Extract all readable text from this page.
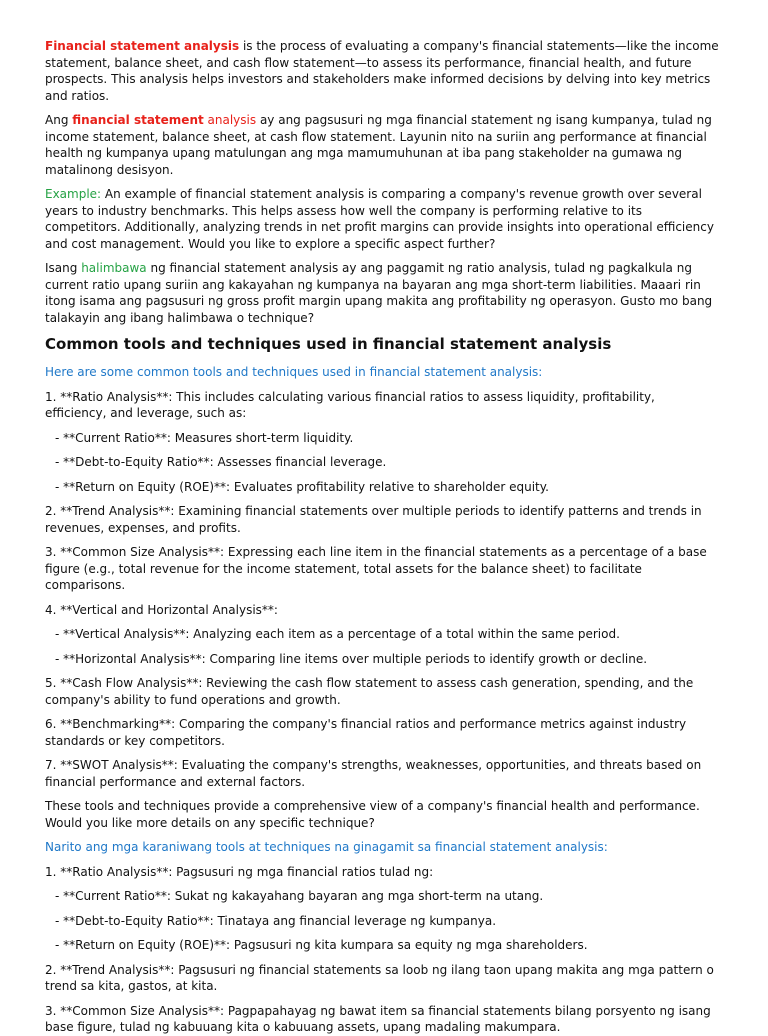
Financial statement analysis is the process of evaluating a company's financial statements—like the income statement, balance sheet, and cash flow statement—to assess its performance, financial health, and future prospects. This analysis helps investors and stakeholders make informed decisions by delving into key metrics and ratios.

Ang financial statement analysis ay ang pagsusuri ng mga financial statement ng isang kumpanya, tulad ng income statement, balance sheet, at cash flow statement. Layunin nito na suriin ang performance at financial health ng kumpanya upang matulungan ang mga mamumuhunan at iba pang stakeholder na gumawa ng matalinong desisyon.

Example: An example of financial statement analysis is comparing a company's revenue growth over several years to industry benchmarks. This helps assess how well the company is performing relative to its competitors. Additionally, analyzing trends in net profit margins can provide insights into operational efficiency and cost management. Would you like to explore a specific aspect further?

Isang halimbawa ng financial statement analysis ay ang paggamit ng ratio analysis, tulad ng pagkalkula ng current ratio upang suriin ang kakayahan ng kumpanya na bayaran ang mga short-term liabilities. Maaari rin itong isama ang pagsusuri ng gross profit margin upang makita ang profitability ng operasyon. Gusto mo bang talakayin ang ibang halimbawa o technique?

Common tools and techniques used in financial statement analysis

Here are some common tools and techniques used in financial statement analysis:

1. **Ratio Analysis**: This includes calculating various financial ratios to assess liquidity, profitability, efficiency, and leverage, such as:

- **Current Ratio**: Measures short-term liquidity.

- **Debt-to-Equity Ratio**: Assesses financial leverage.

- **Return on Equity (ROE)**: Evaluates profitability relative to shareholder equity.

2. **Trend Analysis**: Examining financial statements over multiple periods to identify patterns and trends in revenues, expenses, and profits.

3. **Common Size Analysis**: Expressing each line item in the financial statements as a percentage of a base figure (e.g., total revenue for the income statement, total assets for the balance sheet) to facilitate comparisons.

4. **Vertical and Horizontal Analysis**:

- **Vertical Analysis**: Analyzing each item as a percentage of a total within the same period.

- **Horizontal Analysis**: Comparing line items over multiple periods to identify growth or decline.

5. **Cash Flow Analysis**: Reviewing the cash flow statement to assess cash generation, spending, and the company's ability to fund operations and growth.

6. **Benchmarking**: Comparing the company's financial ratios and performance metrics against industry standards or key competitors.

7. **SWOT Analysis**: Evaluating the company's strengths, weaknesses, opportunities, and threats based on financial performance and external factors.

These tools and techniques provide a comprehensive view of a company's financial health and performance. Would you like more details on any specific technique?

Narito ang mga karaniwang tools at techniques na ginagamit sa financial statement analysis:

1. **Ratio Analysis**: Pagsusuri ng mga financial ratios tulad ng:

- **Current Ratio**: Sukat ng kakayahang bayaran ang mga short-term na utang.

- **Debt-to-Equity Ratio**: Tinataya ang financial leverage ng kumpanya.

- **Return on Equity (ROE)**: Pagsusuri ng kita kumpara sa equity ng mga shareholders.

2. **Trend Analysis**: Pagsusuri ng financial statements sa loob ng ilang taon upang makita ang mga pattern o trend sa kita, gastos, at kita.

3. **Common Size Analysis**: Pagpapahayag ng bawat item sa financial statements bilang porsyento ng isang base figure, tulad ng kabuuang kita o kabuuang assets, upang madaling makumpara.
